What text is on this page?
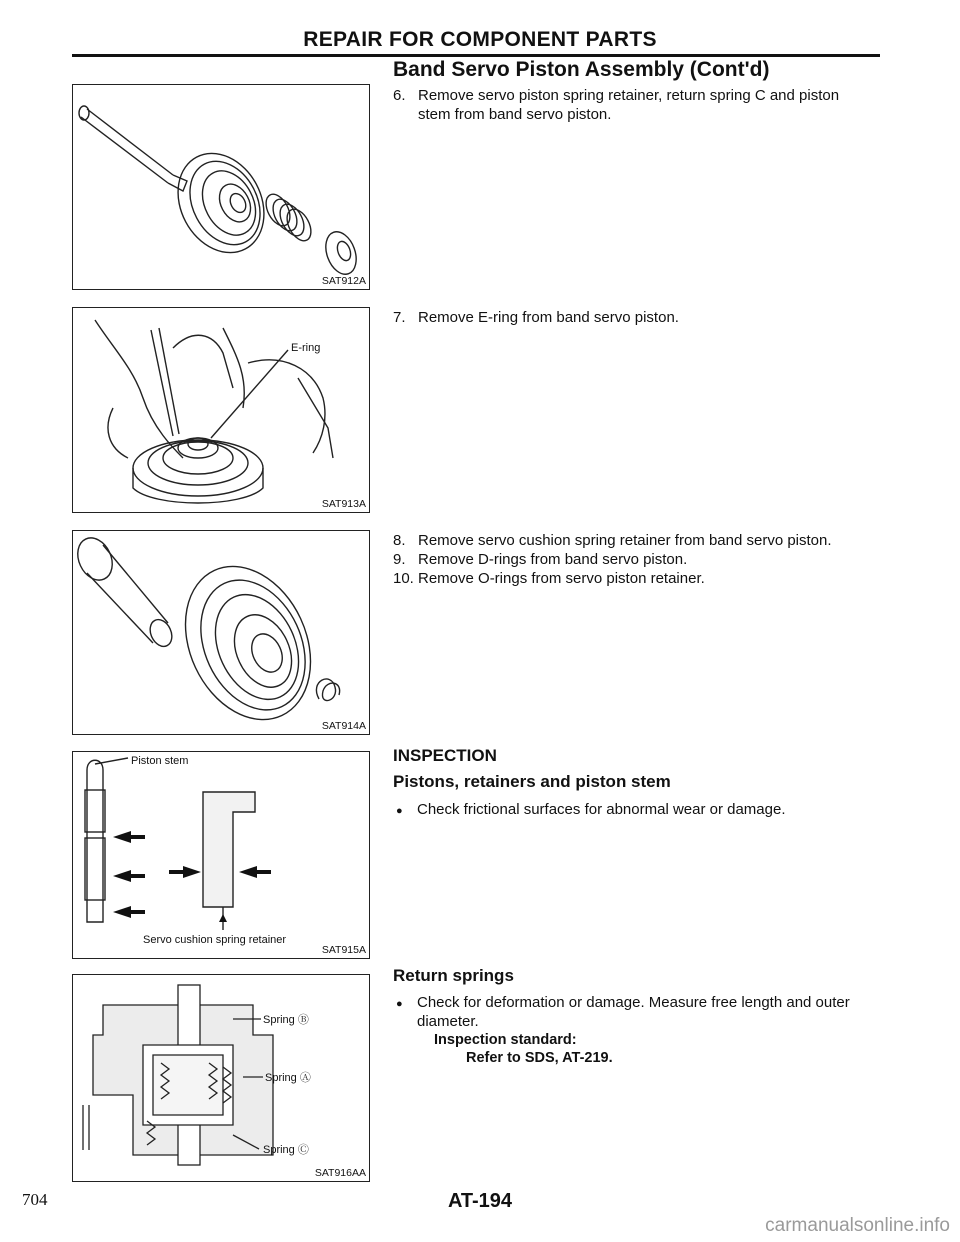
REPAIR FOR COMPONENT PARTS
Band Servo Piston Assembly (Cont'd)
SAT912A
E-ring
SAT913A
SAT914A
Piston stem
Servo cushion spring retainer
SAT915A
Spring Ⓑ
Spring Ⓐ
Spring Ⓒ
SAT916AA
6. Remove servo piston spring retainer, return spring C and piston stem from band servo piston.
7. Remove E-ring from band servo piston.
8. Remove servo cushion spring retainer from band servo piston.
9. Remove D-rings from band servo piston.
10. Remove O-rings from servo piston retainer.
INSPECTION
Pistons, retainers and piston stem
● Check frictional surfaces for abnormal wear or damage.
Return springs
● Check for deformation or damage. Measure free length and outer diameter.
Inspection standard:
Refer to SDS, AT-219.
704	AT-194
carmanualsonline.info
